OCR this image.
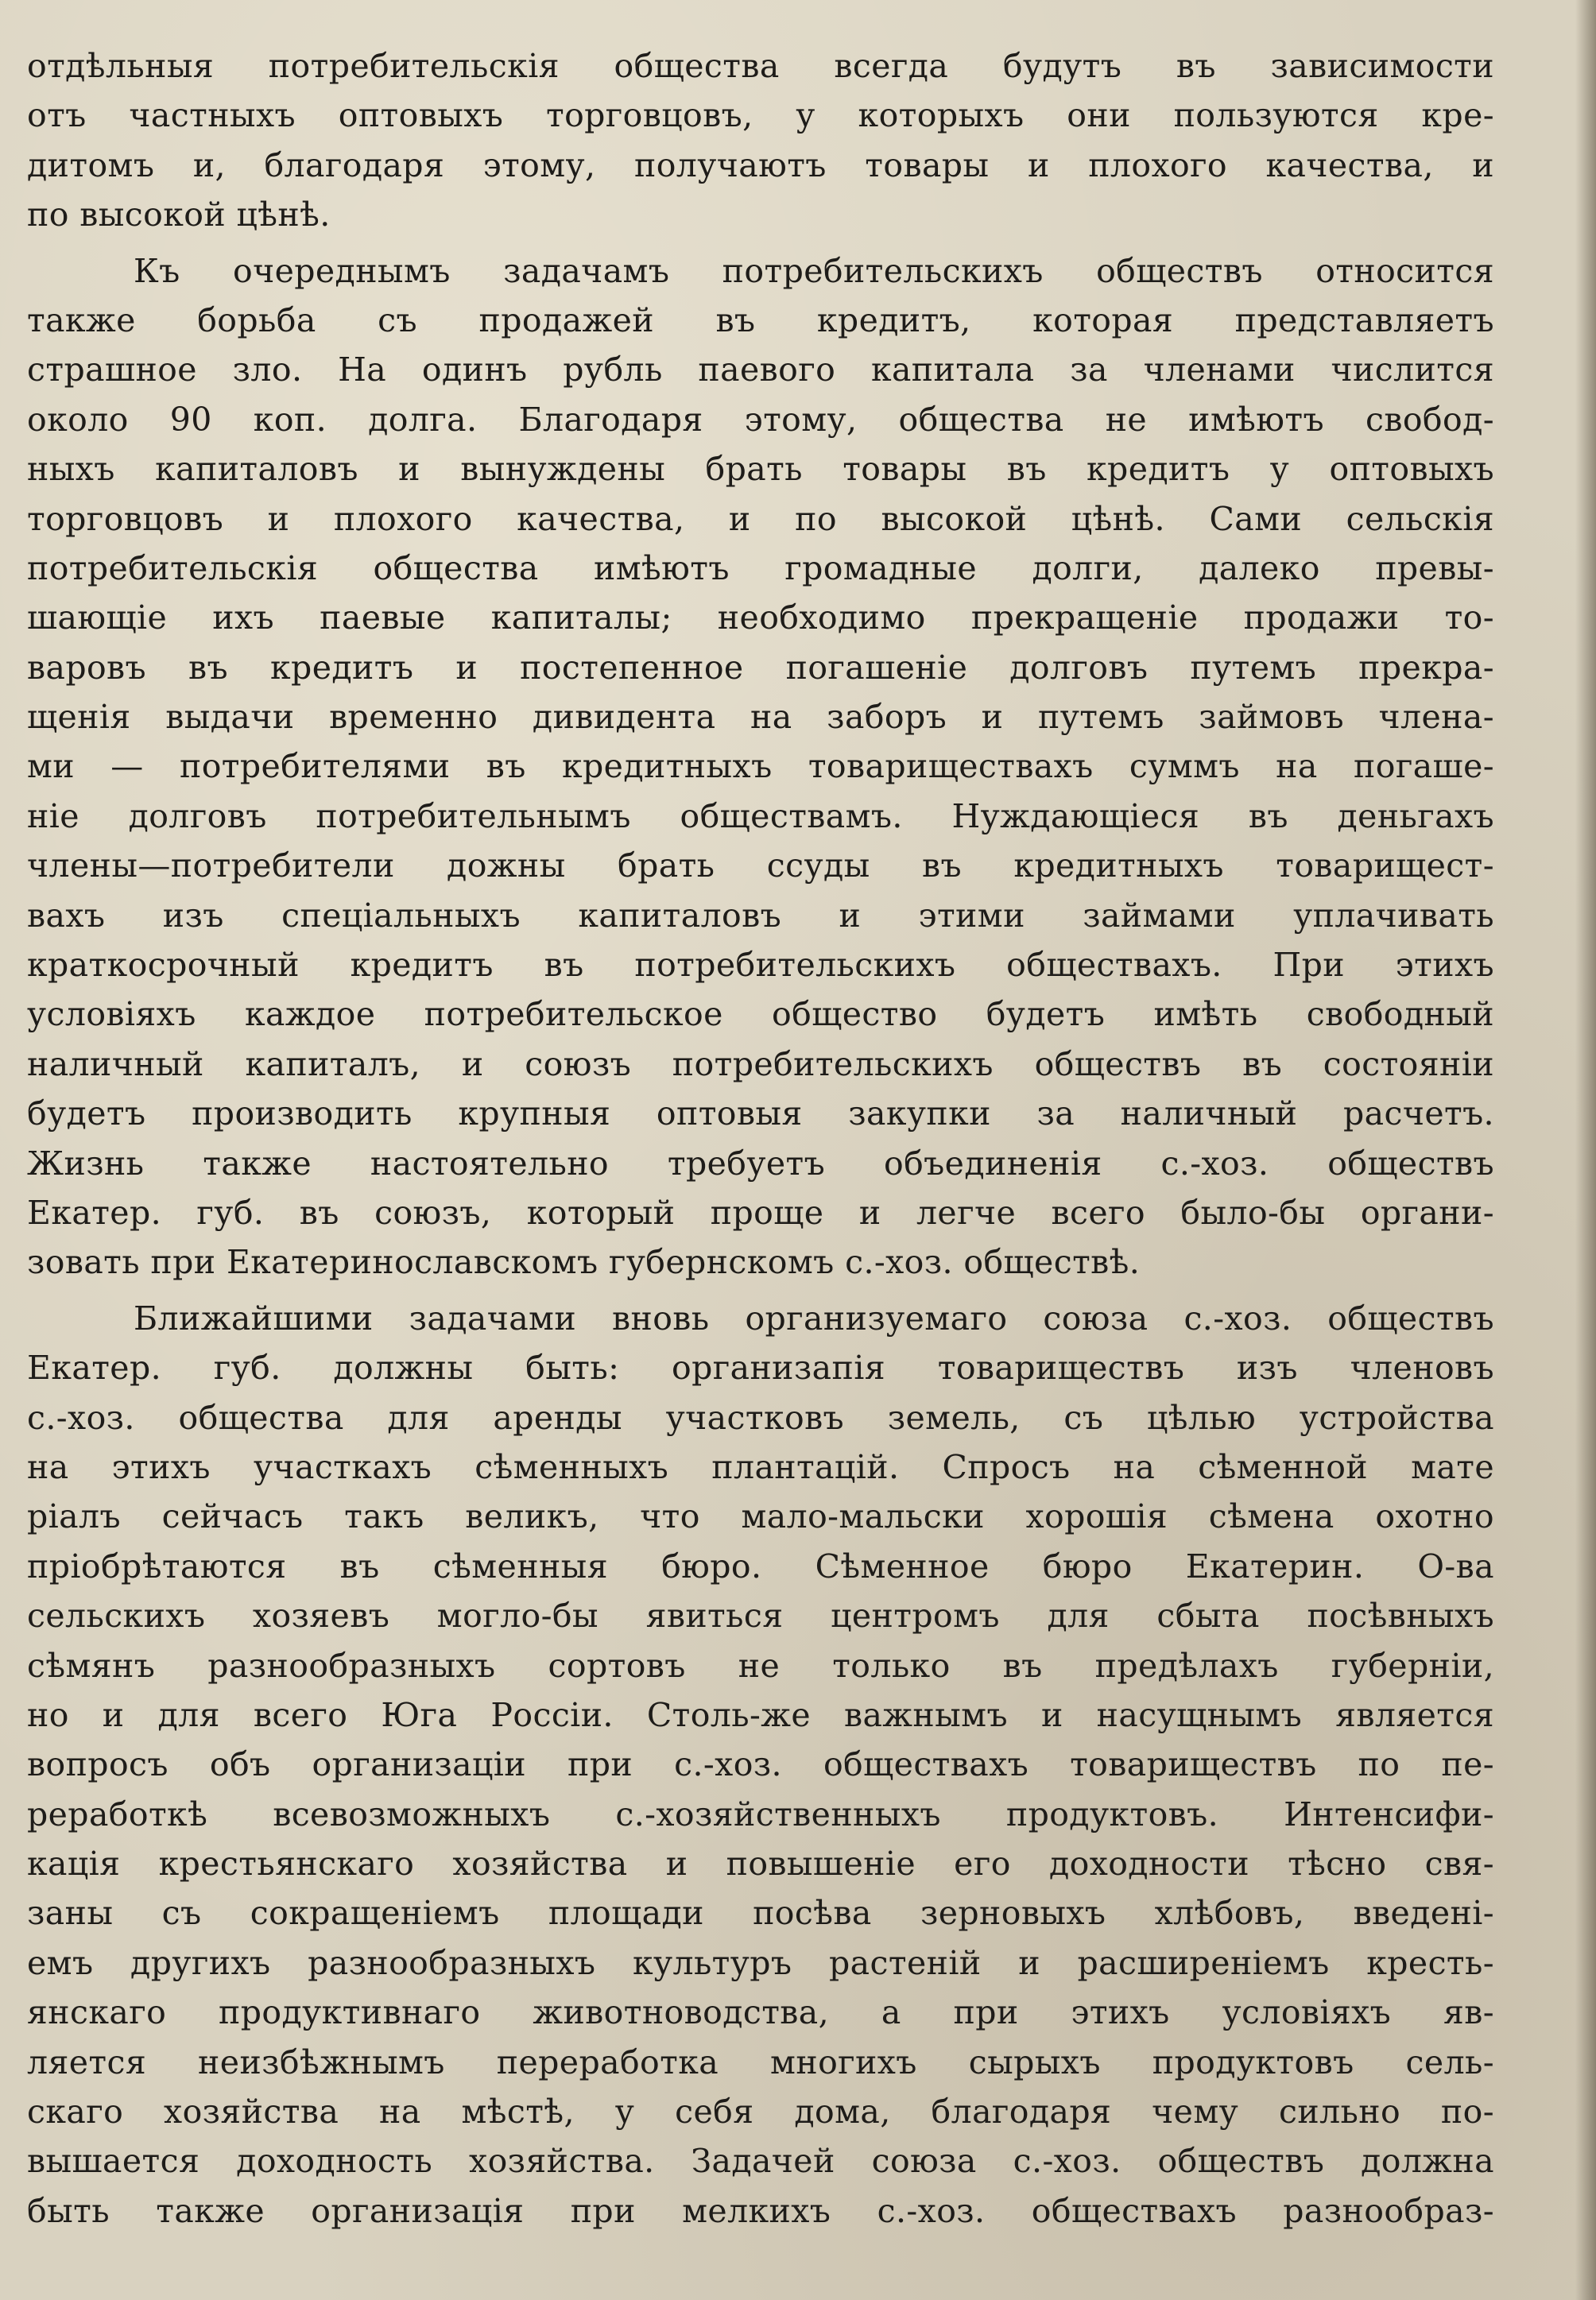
отдѣльныя потребительскія общества всегда будутъ въ зависимости
отъ частныхъ оптовыхъ торговцовъ, у которыхъ они пользуются кре-
дитомъ и, благодаря этому, получаютъ товары и плохого качества, и
по высокой цѣнѣ.
Къ очереднымъ задачамъ потребительскихъ обществъ относится
также борьба съ продажей въ кредитъ, которая представляетъ
страшное зло. На одинъ рубль паевого капитала за членами числится
около 90 коп. долга. Благодаря этому, общества не имѣютъ свобод-
ныхъ капиталовъ и вынуждены брать товары въ кредитъ у оптовыхъ
торговцовъ и плохого качества, и по высокой цѣнѣ. Сами сельскія
потребительскія общества имѣютъ громадные долги, далеко превы-
шающіе ихъ паевые капиталы; необходимо прекращеніе продажи то-
варовъ въ кредитъ и постепенное погашеніе долговъ путемъ прекра-
щенія выдачи временно дивидента на заборъ и путемъ займовъ члена-
ми — потребителями въ кредитныхъ товариществахъ суммъ на погаше-
ніе долговъ потребительнымъ обществамъ. Нуждающіеся въ деньгахъ
члены—потребители дожны брать ссуды въ кредитныхъ товарищест-
вахъ изъ спеціальныхъ капиталовъ и этими займами уплачивать
краткосрочный кредитъ въ потребительскихъ обществахъ. При этихъ
условіяхъ каждое потребительское общество будетъ имѣть свободный
наличный капиталъ, и союзъ потребительскихъ обществъ въ состояніи
будетъ производить крупныя оптовыя закупки за наличный расчетъ.
Жизнь также настоятельно требуетъ объединенія с.-хоз. обществъ
Екатер. губ. въ союзъ, который проще и легче всего было-бы органи-
зовать при Екатеринославскомъ губернскомъ с.-хоз. обществѣ.
Ближайшими задачами вновь организуемаго союза с.-хоз. обществъ
Екатер. губ. должны быть: организапія товариществъ изъ членовъ
с.-хоз. общества для аренды участковъ земель, съ цѣлью устройства
на этихъ участкахъ сѣменныхъ плантацій. Спросъ на сѣменной мате
ріалъ сейчасъ такъ великъ, что мало-мальски хорошія сѣмена охотно
пріобрѣтаются въ сѣменныя бюро. Сѣменное бюро Екатерин. О-ва
сельскихъ хозяевъ могло-бы явиться центромъ для сбыта посѣвныхъ
сѣмянъ разнообразныхъ сортовъ не только въ предѣлахъ губерніи,
но и для всего Юга Россіи. Столь-же важнымъ и насущнымъ является
вопросъ объ организаціи при с.-хоз. обществахъ товариществъ по пе-
реработкѣ всевозможныхъ с.-хозяйственныхъ продуктовъ. Интенсифи-
кація крестьянскаго хозяйства и повышеніе его доходности тѣсно свя-
заны съ сокращеніемъ площади посѣва зерновыхъ хлѣбовъ, введені-
емъ другихъ разнообразныхъ культуръ растеній и расширеніемъ кресть-
янскаго продуктивнаго животноводства, а при этихъ условіяхъ яв-
ляется неизбѣжнымъ переработка многихъ сырыхъ продуктовъ сель-
скаго хозяйства на мѣстѣ, у себя дома, благодаря чему сильно по-
вышается доходность хозяйства. Задачей союза с.-хоз. обществъ должна
быть также организація при мелкихъ с.-хоз. обществахъ разнообраз-
